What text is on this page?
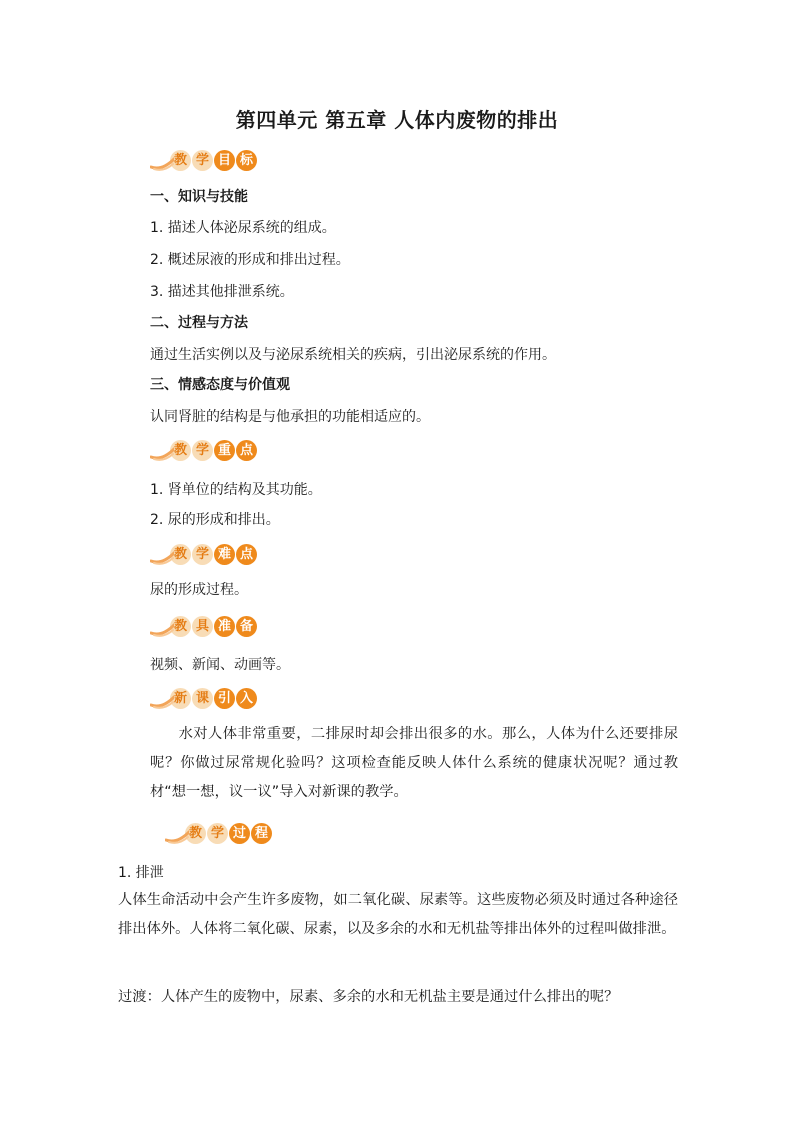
第四单元 第五章 人体内废物的排出
教 学 目 标
一、知识与技能
1. 描述人体泌尿系统的组成。
2. 概述尿液的形成和排出过程。
3. 描述其他排泄系统。
二、过程与方法
通过生活实例以及与泌尿系统相关的疾病，引出泌尿系统的作用。
三、情感态度与价值观
认同肾脏的结构是与他承担的功能相适应的。
教 学 重 点
1. 肾单位的结构及其功能。
2. 尿的形成和排出。
教 学 难 点
尿的形成过程。
教 具 准 备
视频、新闻、动画等。
新 课 引 入
水对人体非常重要，二排尿时却会排出很多的水。那么，人体为什么还要排尿呢？你做过尿常规化验吗？这项检查能反映人体什么系统的健康状况呢？通过教材“想一想，议一议”导入对新课的教学。
教 学 过 程
1. 排泄
人体生命活动中会产生许多废物，如二氧化碳、尿素等。这些废物必须及时通过各种途径排出体外。人体将二氧化碳、尿素，以及多余的水和无机盐等排出体外的过程叫做排泄。
过渡：人体产生的废物中，尿素、多余的水和无机盐主要是通过什么排出的呢？
